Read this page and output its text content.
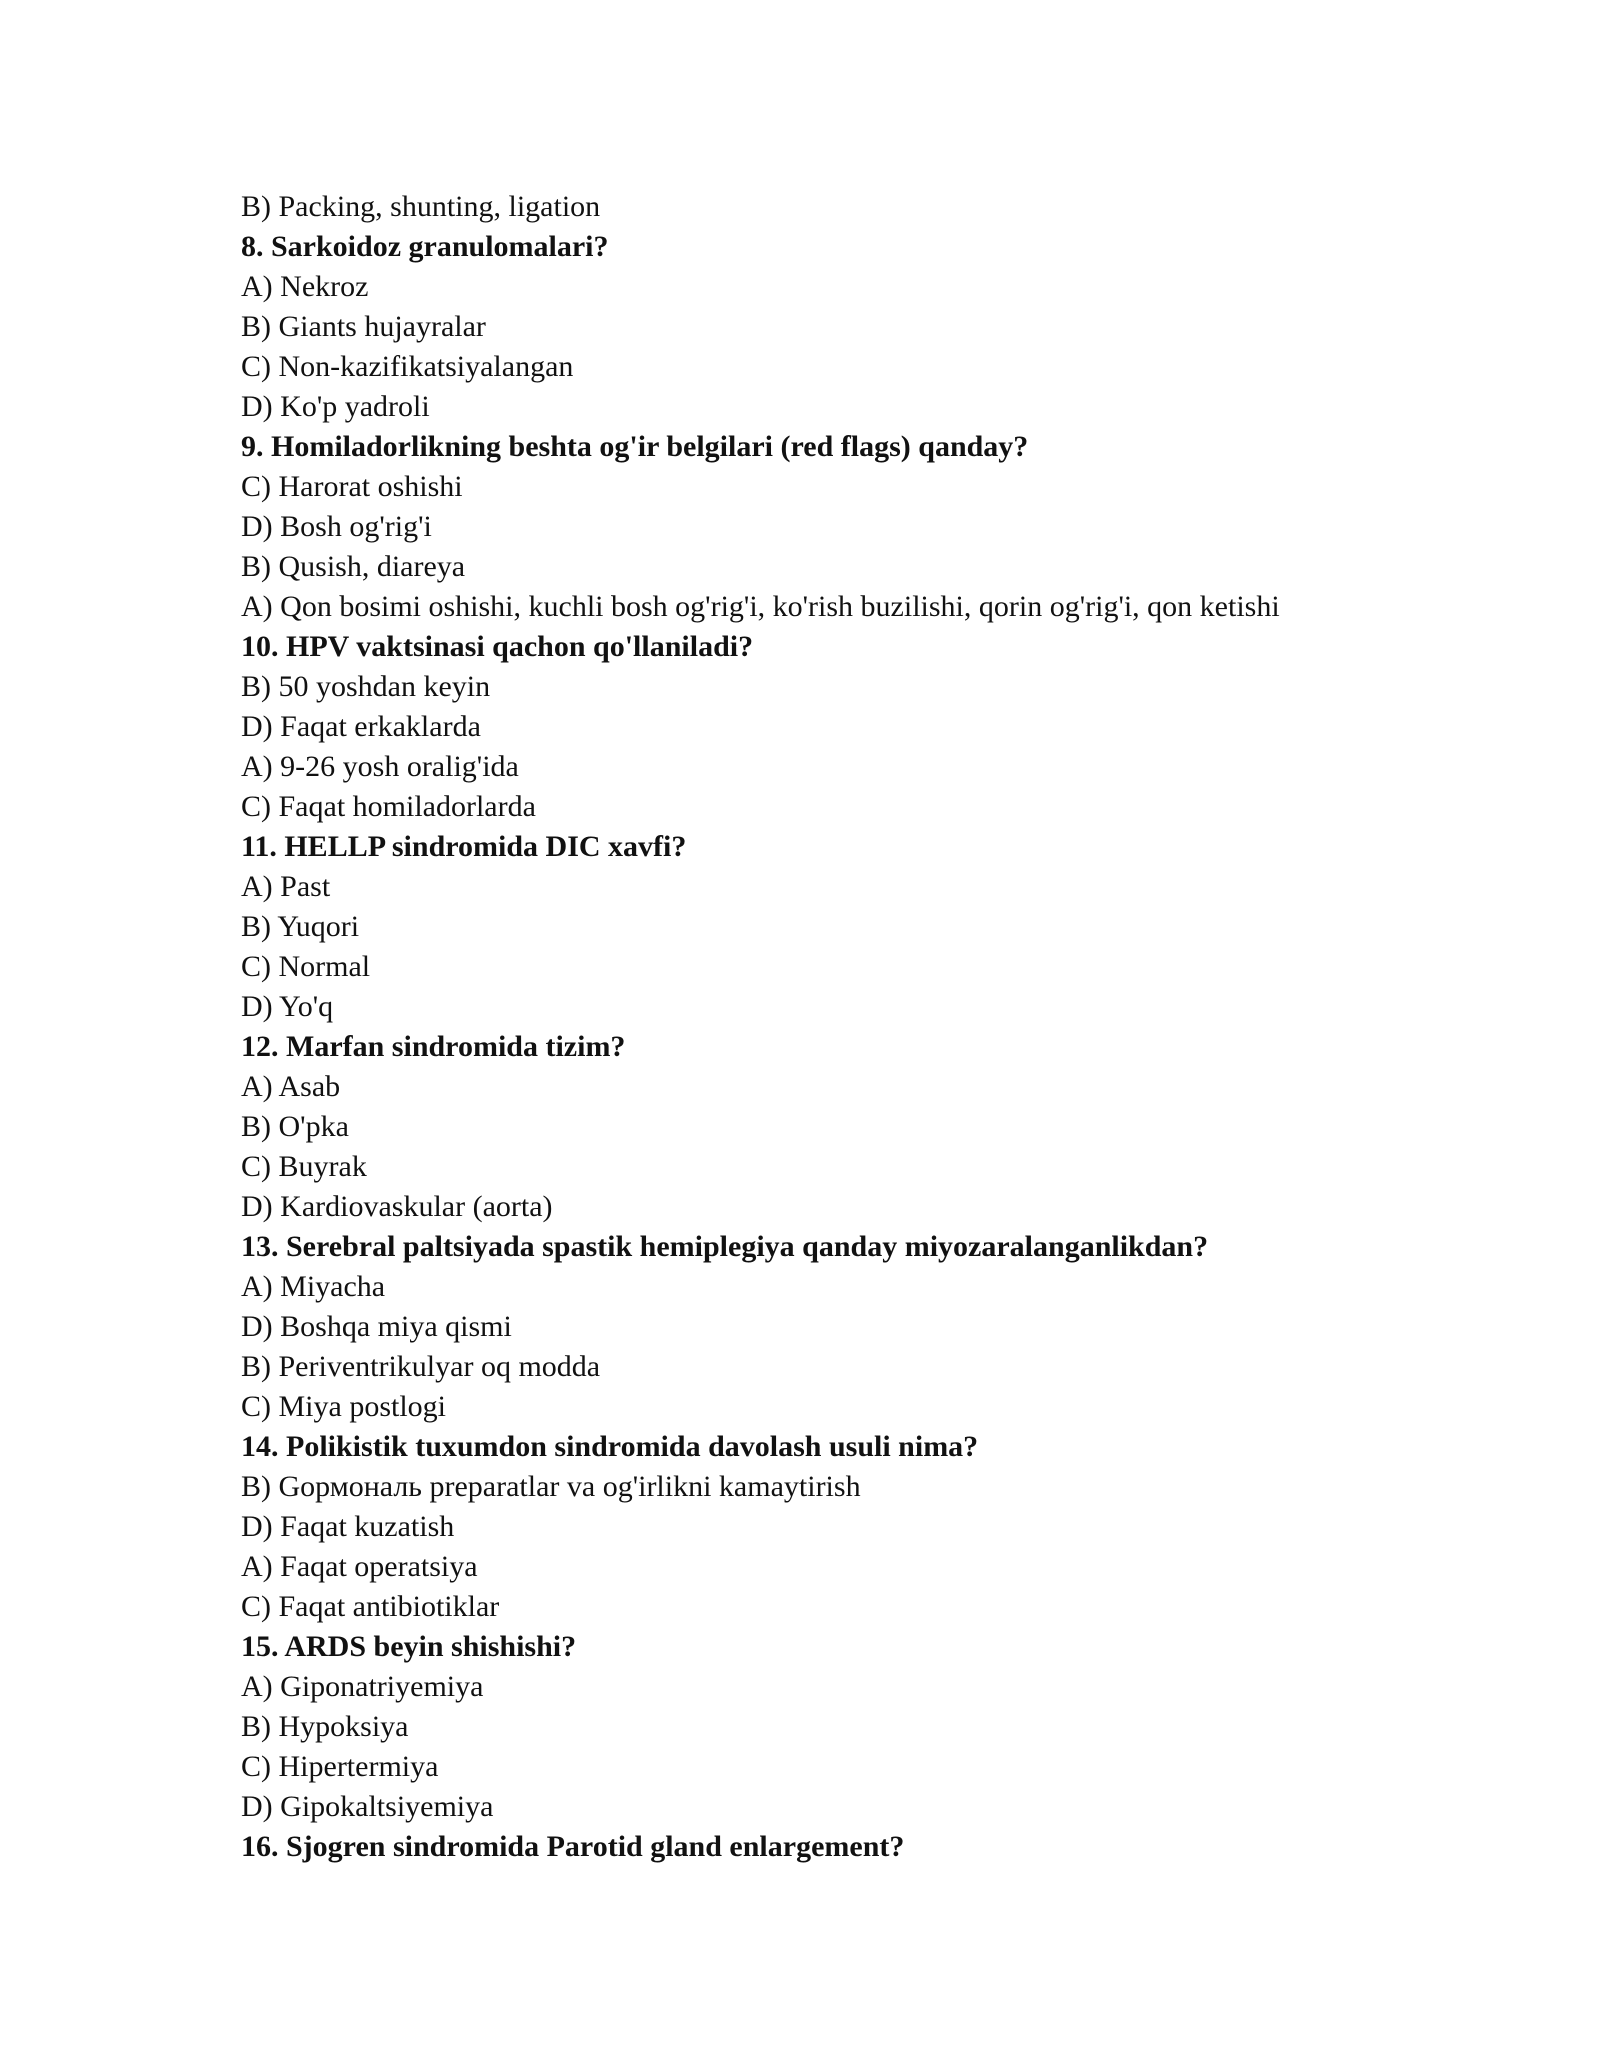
B) Packing, shunting, ligation
8. Sarkoidoz granulomalari?
A) Nekroz
B) Giants hujayralar
C) Non-kazifikatsiyalangan
D) Ko'p yadroli
9. Homiladorlikning beshta og'ir belgilari (red flags) qanday?
C) Harorat oshishi
D) Bosh og'rig'i
B) Qusish, diareya
A) Qon bosimi oshishi, kuchli bosh og'rig'i, ko'rish buzilishi, qorin og'rig'i, qon ketishi
10. HPV vaktsinasi qachon qo'llaniladi?
B) 50 yoshdan keyin
D) Faqat erkaklarda
A) 9-26 yosh oralig'ida
C) Faqat homiladorlarda
11. HELLP sindromida DIC xavfi?
A) Past
B) Yuqori
C) Normal
D) Yo'q
12. Marfan sindromida tizim?
A) Asab
B) O'pka
C) Buyrak
D) Kardiovaskular (aorta)
13. Serebral paltsiyada spastik hemiplegiya qanday miyozaralanganlikdan?
A) Miyacha
D) Boshqa miya qismi
B) Periventrikulyar oq modda
C) Miya postlogi
14. Polikistik tuxumdon sindromida davolash usuli nima?
B) Gормональ preparatlar va og'irlikni kamaytirish
D) Faqat kuzatish
A) Faqat operatsiya
C) Faqat antibiotiklar
15. ARDS beyin shishishi?
A) Giponatriyemiya
B) Hypoksiya
C) Hipertermiya
D) Gipokaltsiyemiya
16. Sjogren sindromida Parotid gland enlargement?
